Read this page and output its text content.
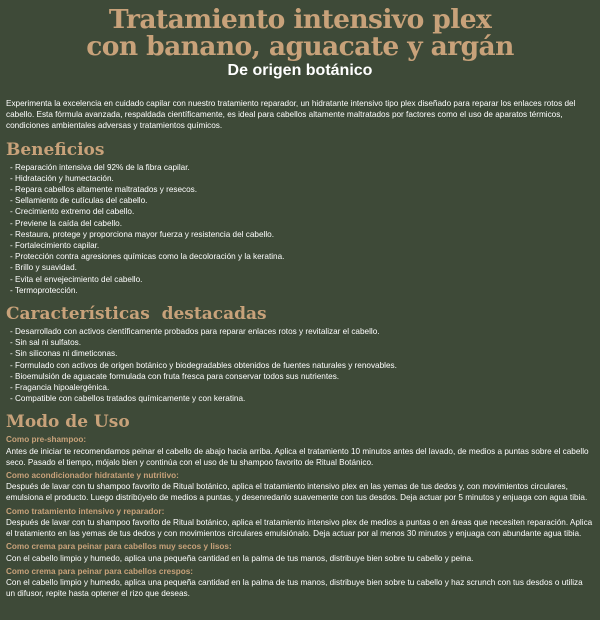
Tratamiento intensivo plex
con banano, aguacate y argán

De origen botánico

Experimenta la excelencia en cuidado capilar con nuestro tratamiento reparador, un hidratante intensivo tipo plex diseñado para reparar los enlaces rotos del cabello. Esta fórmula avanzada, respaldada científicamente, es ideal para cabellos altamente maltratados por factores como el uso de aparatos térmicos, condiciones ambientales adversas y tratamientos químicos.

Beneficios
- Reparación intensiva del 92% de la fibra capilar.
- Hidratación y humectación.
- Repara cabellos altamente maltratados y resecos.
- Sellamiento de cutículas del cabello.
- Crecimiento extremo del cabello.
- Previene la caída del cabello.
- Restaura, protege y proporciona mayor fuerza y resistencia del cabello.
- Fortalecimiento capilar.
- Protección contra agresiones químicas como la decoloración y la keratina.
- Brillo y suavidad.
- Evita el envejecimiento del cabello.
- Termoprotección.
Características  destacadas
- Desarrollado con activos científicamente probados para reparar enlaces rotos y revitalizar el cabello.
- Sin sal ni sulfatos.
- Sin siliconas ni dimeticonas.
- Formulado con activos de origen botánico y biodegradables obtenidos de fuentes naturales y renovables.
- Bioemulsión de aguacate formulada con fruta fresca para conservar todos sus nutrientes.
- Fragancia hipoalergénica.
- Compatible con cabellos tratados químicamente y con keratina.
Modo de Uso

Como pre-shampoo:

Antes de iniciar te recomendamos peinar el cabello de abajo hacia arriba. Aplica el tratamiento 10 minutos antes del lavado, de medios a puntas sobre el cabello seco. Pasado el tiempo, mójalo bien y continúa con el uso de tu shampoo favorito de Ritual Botánico.

Como acondicionador hidratante y nutritivo:

Después de lavar con tu shampoo favorito de Ritual botánico, aplica el tratamiento intensivo plex en las yemas de tus dedos y, con movimientos circulares, emulsiona el producto. Luego distribúyelo de medios a puntas, y desenredanlo suavemente con tus desdos. Deja actuar por 5 minutos y enjuaga con agua tibia.

Como tratamiento intensivo y reparador:

Después de lavar con tu shampoo favorito de Ritual botánico, aplica el tratamiento intensivo plex de medios a puntas o en áreas que necesiten reparación. Aplica el tratamiento en las yemas de tus dedos y con movimientos circulares emulsiónalo. Deja actuar por al menos 30 minutos y enjuaga con abundante agua tibia.

Como crema para peinar para cabellos muy secos y lisos:

Con el cabello limpio y humedo, aplica una pequeña cantidad en la palma de tus manos, distribuye bien sobre tu cabello y peina.

Como crema para peinar para cabellos crespos:

Con el cabello limpio y humedo, aplica una pequeña cantidad en la palma de tus manos, distribuye bien sobre tu cabello y haz scrunch con tus desdos o utiliza un difusor, repite hasta optener el rizo que deseas.
